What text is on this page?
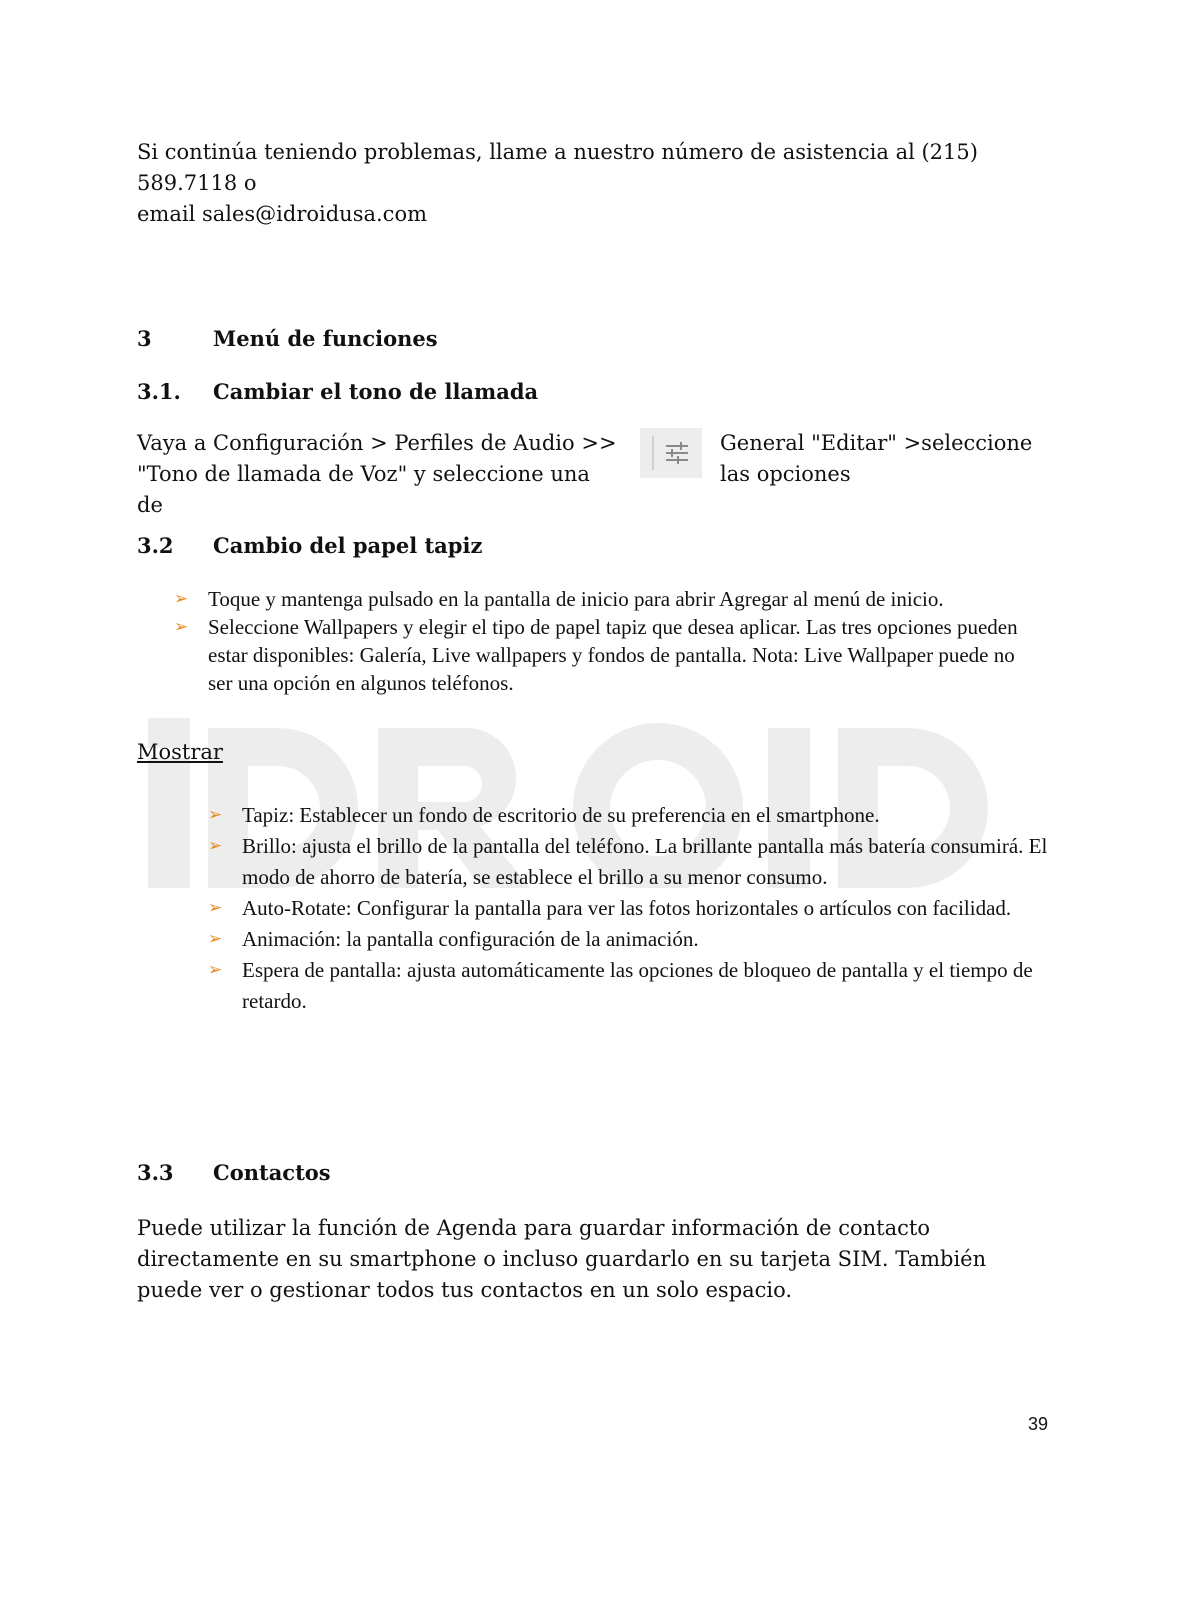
Si continúa teniendo problemas, llame a nuestro número de asistencia al (215) 589.7118 o
email sales@idroidusa.com

3	Menú de funciones
3.1. Cambiar el tono de llamada

Vaya a Configuración > Perfiles de Audio >>
"Tono de llamada de Voz" y seleccione una de

General "Editar" >seleccione
las opciones

3.2 Cambio del papel tapiz
➢ Toque y mantenga pulsado en la pantalla de inicio para abrir Agregar al menú de inicio.
➢ Seleccione Wallpapers y elegir el tipo de papel tapiz que desea aplicar. Las tres opciones pueden estar disponibles: Galería, Live wallpapers y fondos de pantalla. Nota: Live Wallpaper puede no ser una opción en algunos teléfonos.
Mostrar
➢ Tapiz: Establecer un fondo de escritorio de su preferencia en el smartphone.
➢ Brillo: ajusta el brillo de la pantalla del teléfono. La brillante pantalla más batería consumirá. El modo de ahorro de batería, se establece el brillo a su menor consumo.
➢ Auto-Rotate: Configurar la pantalla para ver las fotos horizontales o artículos con facilidad.
➢ Animación: la pantalla configuración de la animación.
➢ Espera de pantalla: ajusta automáticamente las opciones de bloqueo de pantalla y el tiempo de retardo.
3.3 Contactos

Puede utilizar la función de Agenda para guardar información de contacto directamente en su smartphone o incluso guardarlo en su tarjeta SIM. También puede ver o gestionar todos tus contactos en un solo espacio.

39
